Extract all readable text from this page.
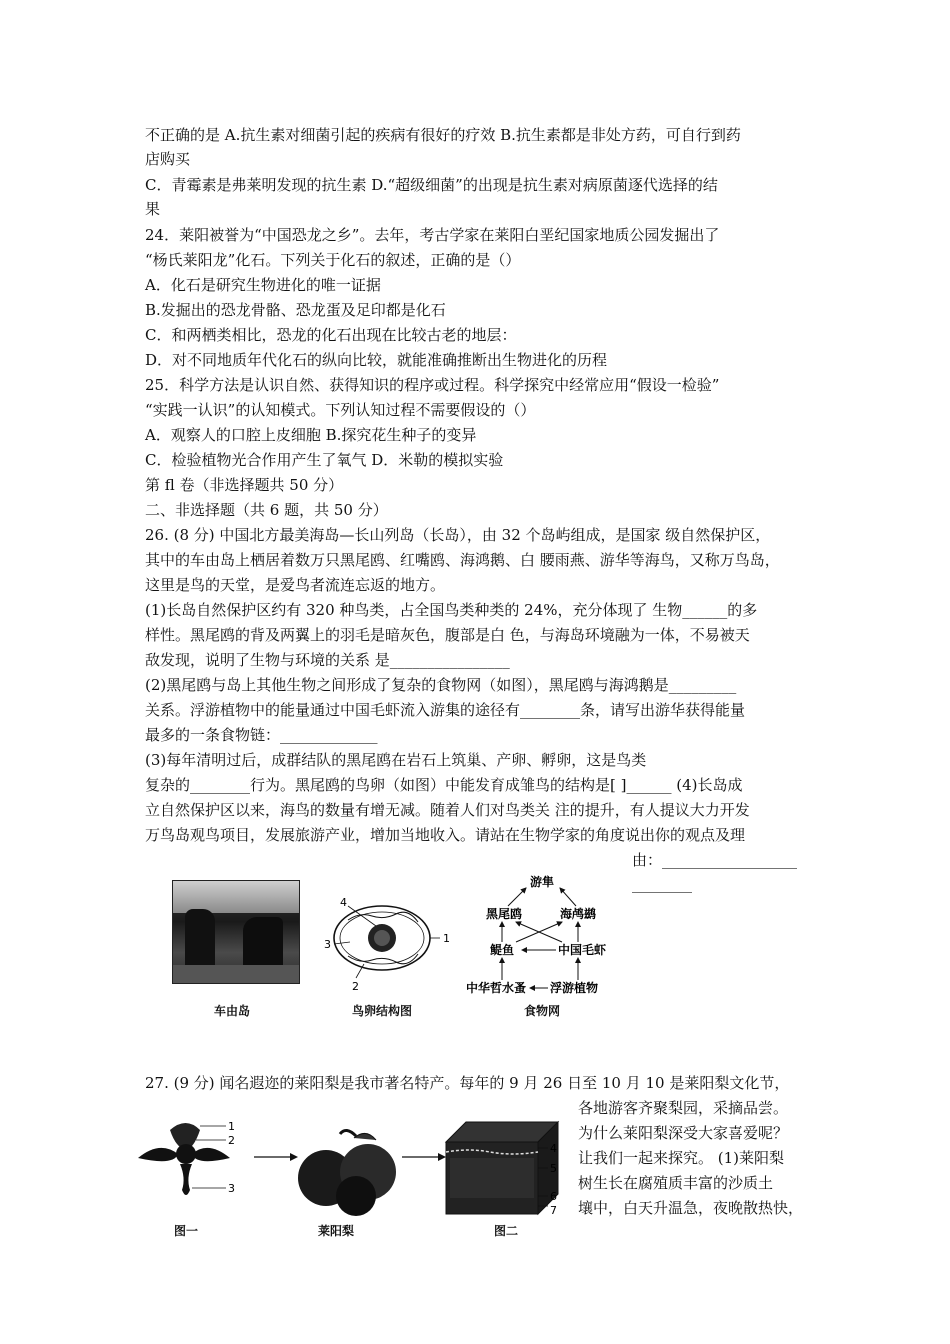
不正确的是 A.抗生素对细菌引起的疾病有很好的疗效 B.抗生素都是非处方药，可自行到药
店购买
C．青霉素是弗莱明发现的抗生素 D.“超级细菌”的出现是抗生素对病原菌逐代选择的结
果
24．莱阳被誉为“中国恐龙之乡”。去年，考古学家在莱阳白垩纪国家地质公园发掘出了
“杨氏莱阳龙”化石。下列关于化石的叙述，正确的是（）
A．化石是研究生物进化的唯一证据
B.发掘出的恐龙骨骼、恐龙蛋及足印都是化石
C．和两栖类相比，恐龙的化石出现在比较古老的地层：
D．对不同地质年代化石的纵向比较，就能准确推断出生物进化的历程
25．科学方法是认识自然、获得知识的程序或过程。科学探究中经常应用“假设一检验”
“实践一认识”的认知模式。下列认知过程不需要假设的（）
A．观察人的口腔上皮细胞 B.探究花生种子的变异
C．检验植物光合作用产生了氧气 D．米勒的模拟实验
第 fl 卷（非选择题共 50 分）
二、非选择题（共 6 题，共 50 分）
26. (8 分) 中国北方最美海岛—长山列岛（长岛），由 32 个岛屿组成，是国家 级自然保护区，
其中的车由岛上栖居着数万只黑尾鸥、红嘴鸥、海鸿鹅、白 腰雨燕、游华等海鸟，又称万鸟岛，
这里是鸟的天堂，是爱鸟者流连忘返的地方。
(1)长岛自然保护区约有 320 种鸟类，占全国鸟类种类的 24%，充分体现了 生物______的多
样性。黑尾鸥的背及两翼上的羽毛是暗灰色，腹部是白 色，与海岛环境融为一体，不易被天
敌发现，说明了生物与环境的关系 是________________
(2)黑尾鸥与岛上其他生物之间形成了复杂的食物网（如图），黑尾鸥与海鸿鹅是_________
关系。浮游植物中的能量通过中国毛虾流入游集的途径有________条，请写出游华获得能量
最多的一条食物链：_____________
(3)每年清明过后，成群结队的黑尾鸥在岩石上筑巢、产卵、孵卵，这是鸟类
复杂的________行为。黑尾鸥的鸟卵（如图）中能发育成雏鸟的结构是[ ]______ (4)长岛成
立自然保护区以来，海鸟的数量有增无减。随着人们对鸟类关 注的提升，有人提议大力开发
万鸟岛观鸟项目，发展旅游产业，增加当地收入。请站在生物学家的角度说出你的观点及理
由：__________________
________
车由岛
4
3
2
1
鸟卵结构图
游隼
黑尾鸥	海鸬鹚
鳀鱼	中国毛虾
中华哲水蚤 浮游植物
食物网
27. (9 分) 闻名遐迩的莱阳梨是我市著名特产。每年的 9 月 26 日至 10 月 10 是莱阳梨文化节，
各地游客齐聚梨园，采摘品尝。
为什么莱阳梨深受大家喜爱呢？
让我们一起来探究。 (1)莱阳梨
树生长在腐殖质丰富的沙质土
壤中，白天升温急，夜晚散热快，
1
2
3
图一	莱阳梨
4
5
6
7
图二
